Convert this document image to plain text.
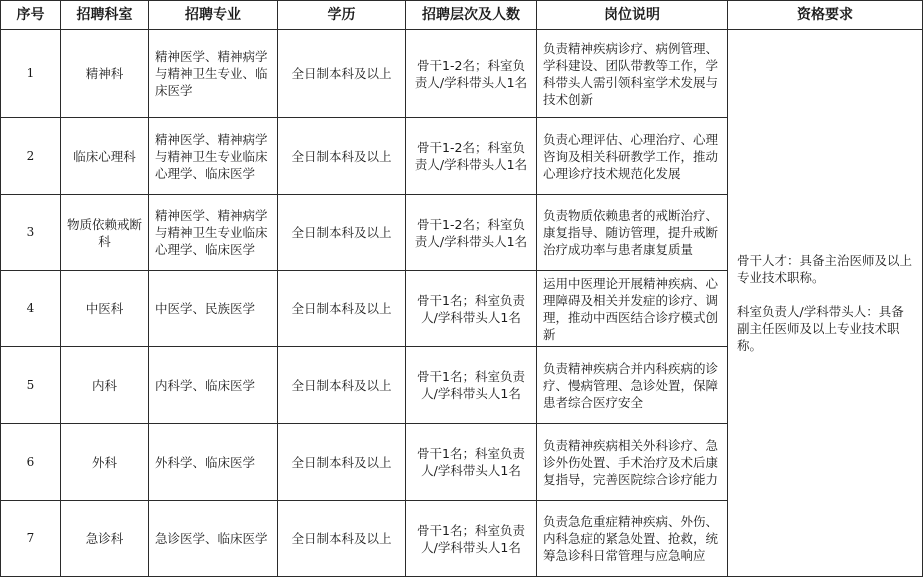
序号	招聘科室	招聘专业	学历	招聘层次及人数	岗位说明	资格要求
1	精神科	精神医学、精神病学与精神卫生专业、临床医学	全日制本科及以上	骨干1-2名；科室负责人/学科带头人1名	负责精神疾病诊疗、病例管理、学科建设、团队带教等工作，学科带头人需引领科室学术发展与技术创新	骨干人才：具备主治医师及以上专业技术职称。

科室负责人/学科带头人：具备副主任医师及以上专业技术职称。

2	临床心理科	精神医学、精神病学与精神卫生专业临床心理学、临床医学	全日制本科及以上	骨干1-2名；科室负责人/学科带头人1名	负责心理评估、心理治疗、心理咨询及相关科研教学工作，推动心理诊疗技术规范化发展	
3	物质依赖戒断科	精神医学、精神病学与精神卫生专业临床心理学、临床医学	全日制本科及以上	骨干1-2名；科室负责人/学科带头人1名	负责物质依赖患者的戒断治疗、康复指导、随访管理，提升戒断治疗成功率与患者康复质量	
4	中医科	中医学、民族医学	全日制本科及以上	骨干1名；科室负责人/学科带头人1名	运用中医理论开展精神疾病、心理障碍及相关并发症的诊疗、调理，推动中西医结合诊疗模式创新	
5	内科	内科学、临床医学	全日制本科及以上	骨干1名；科室负责人/学科带头人1名	负责精神疾病合并内科疾病的诊疗、慢病管理、急诊处置，保障患者综合医疗安全	
6	外科	外科学、临床医学	全日制本科及以上	骨干1名；科室负责人/学科带头人1名	负责精神疾病相关外科诊疗、急诊外伤处置、手术治疗及术后康复指导，完善医院综合诊疗能力	
7	急诊科	急诊医学、临床医学	全日制本科及以上	骨干1名；科室负责人/学科带头人1名	负责急危重症精神疾病、外伤、内科急症的紧急处置、抢救，统筹急诊科日常管理与应急响应	
